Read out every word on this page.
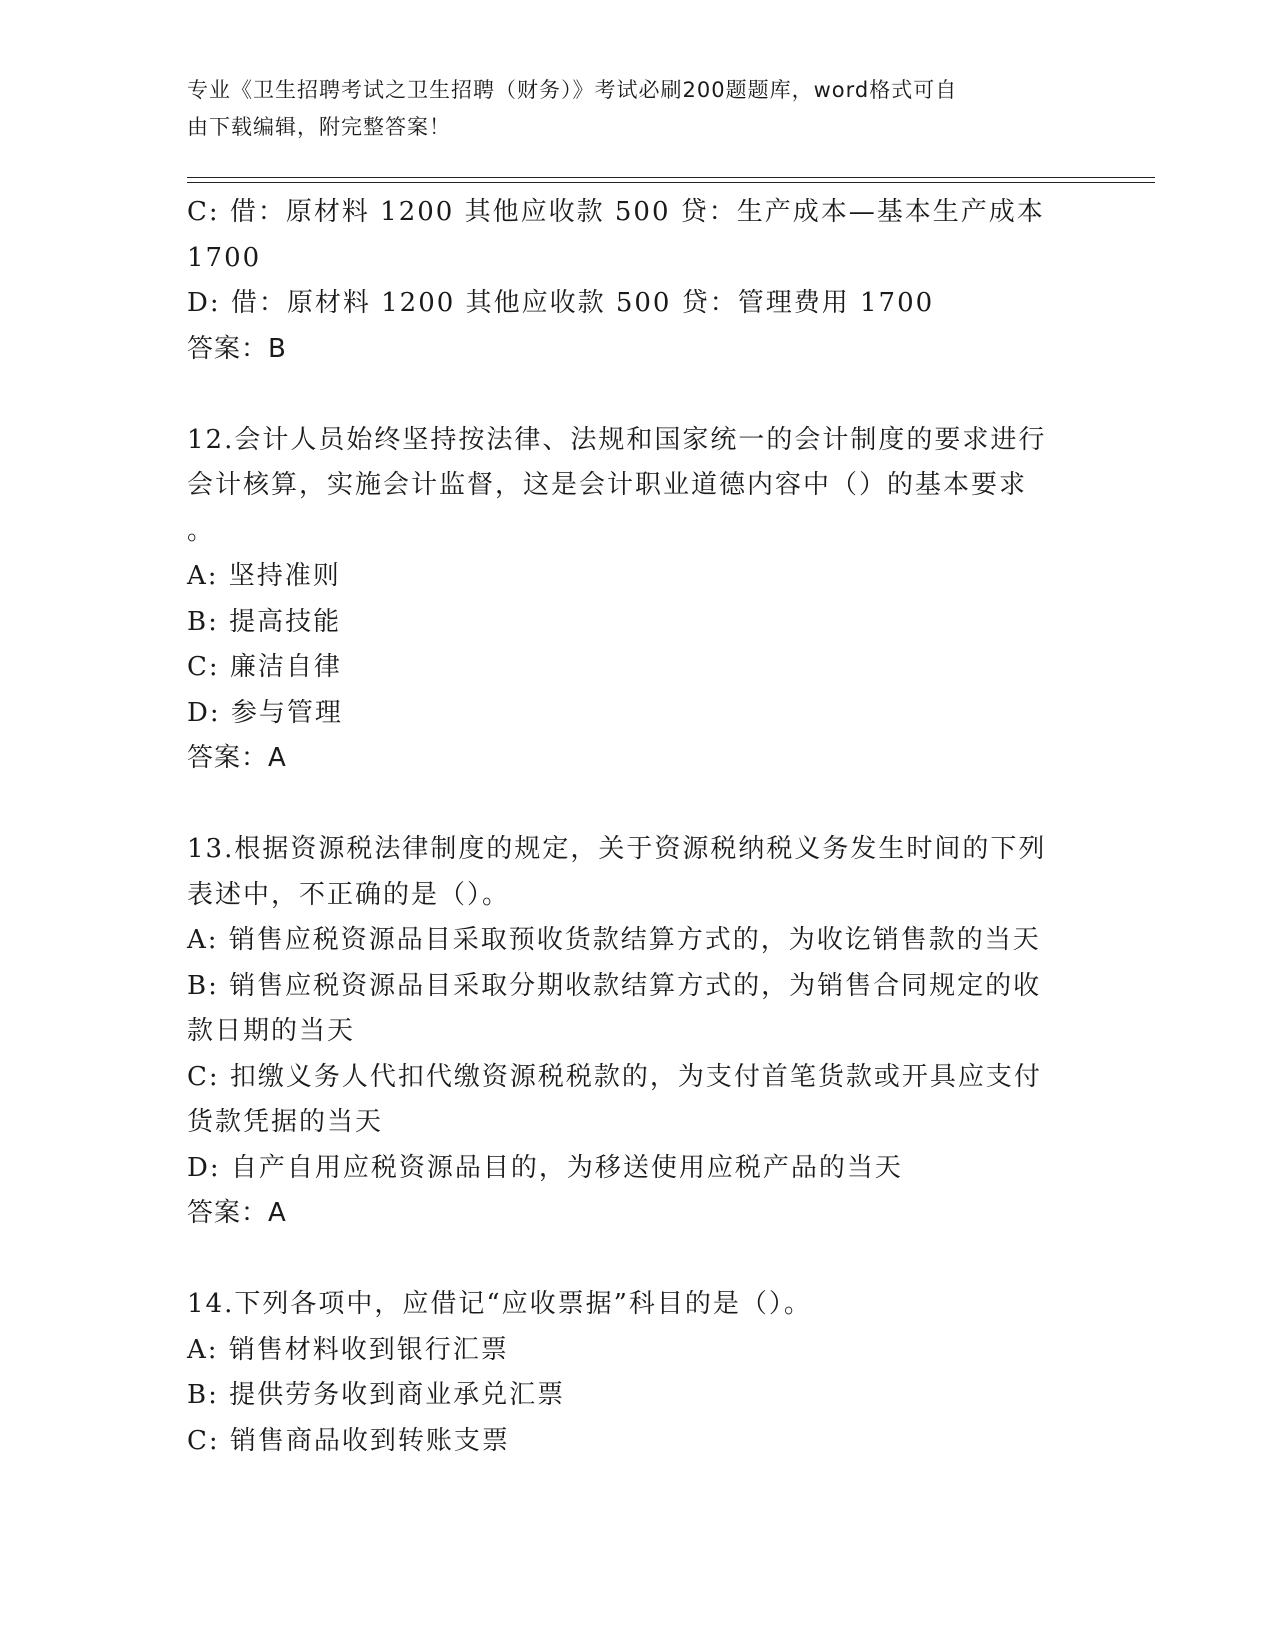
专业《卫生招聘考试之卫生招聘（财务）》考试必刷200题题库，word格式可自
由下载编辑，附完整答案！
C: 借：原材料 1200 其他应收款 500 贷：生产成本—基本生产成本
1700
D: 借：原材料 1200 其他应收款 500 贷：管理费用 1700
答案：B
12.会计人员始终坚持按法律、法规和国家统一的会计制度的要求进行
会计核算，实施会计监督，这是会计职业道德内容中（）的基本要求
。
A: 坚持准则
B: 提高技能
C: 廉洁自律
D: 参与管理
答案：A
13.根据资源税法律制度的规定，关于资源税纳税义务发生时间的下列
表述中，不正确的是（）。
A: 销售应税资源品目采取预收货款结算方式的，为收讫销售款的当天
B: 销售应税资源品目采取分期收款结算方式的，为销售合同规定的收
款日期的当天
C: 扣缴义务人代扣代缴资源税税款的，为支付首笔货款或开具应支付
货款凭据的当天
D: 自产自用应税资源品目的，为移送使用应税产品的当天
答案：A
14.下列各项中，应借记“应收票据”科目的是（）。
A: 销售材料收到银行汇票
B: 提供劳务收到商业承兑汇票
C: 销售商品收到转账支票
